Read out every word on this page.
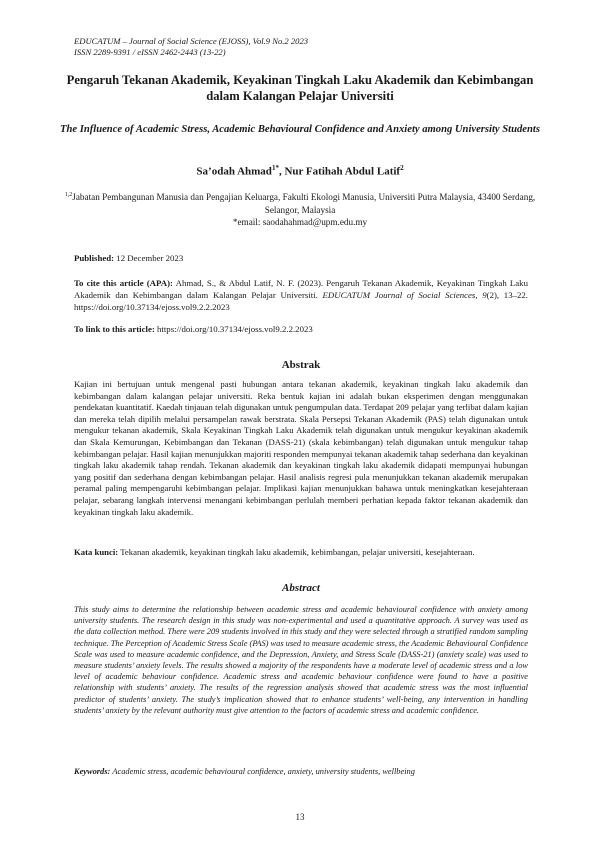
EDUCATUM – Journal of Social Science (EJOSS), Vol.9 No.2 2023
ISSN 2289-9391 / eISSN 2462-2443 (13-22)
Pengaruh Tekanan Akademik, Keyakinan Tingkah Laku Akademik dan Kebimbangan dalam Kalangan Pelajar Universiti
The Influence of Academic Stress, Academic Behavioural Confidence and Anxiety among University Students
Sa’odah Ahmad$^{1*}$, Nur Fatihah Abdul Latif$^2$
$^{1,2}$Jabatan Pembangunan Manusia dan Pengajian Keluarga, Fakulti Ekologi Manusia, Universiti Putra Malaysia, 43400 Serdang, Selangor, Malaysia
*email: saodahahmad@upm.edu.my
Published: 12 December 2023
To cite this article (APA): Ahmad, S., & Abdul Latif, N. F. (2023). Pengaruh Tekanan Akademik, Keyakinan Tingkah Laku Akademik dan Kebimbangan dalam Kalangan Pelajar Universiti. EDUCATUM Journal of Social Sciences, 9(2), 13–22. https://doi.org/10.37134/ejoss.vol9.2.2.2023
To link to this article: https://doi.org/10.37134/ejoss.vol9.2.2.2023
Abstrak
Kajian ini bertujuan untuk mengenal pasti hubungan antara tekanan akademik, keyakinan tingkah laku akademik dan kebimbangan dalam kalangan pelajar universiti. Reka bentuk kajian ini adalah bukan eksperimen dengan menggunakan pendekatan kuantitatif. Kaedah tinjauan telah digunakan untuk pengumpulan data. Terdapat 209 pelajar yang terlibat dalam kajian dan mereka telah dipilih melalui persampelan rawak berstrata. Skala Persepsi Tekanan Akademik (PAS) telah digunakan untuk mengukur tekanan akademik, Skala Keyakinan Tingkah Laku Akademik telah digunakan untuk mengukur keyakinan akademik dan Skala Kemurungan, Kebimbangan dan Tekanan (DASS-21) (skala kebimbangan) telah digunakan untuk mengukur tahap kebimbangan pelajar. Hasil kajian menunjukkan majoriti responden mempunyai tekanan akademik tahap sederhana dan keyakinan tingkah laku akademik tahap rendah. Tekanan akademik dan keyakinan tingkah laku akademik didapati mempunyai hubungan yang positif dan sederhana dengan kebimbangan pelajar. Hasil analisis regresi pula menunjukkan tekanan akademik merupakan peramal paling mempengaruhi kebimbangan pelajar. Implikasi kajian menunjukkan bahawa untuk meningkatkan kesejahteraan pelajar, sebarang langkah intervensi menangani kebimbangan perlulah memberi perhatian kepada faktor tekanan akademik dan keyakinan tingkah laku akademik.
Kata kunci: Tekanan akademik, keyakinan tingkah laku akademik, kebimbangan, pelajar universiti, kesejahteraan.
Abstract
This study aims to determine the relationship between academic stress and academic behavioural confidence with anxiety among university students. The research design in this study was non-experimental and used a quantitative approach. A survey was used as the data collection method. There were 209 students involved in this study and they were selected through a stratified random sampling technique. The Perception of Academic Stress Scale (PAS) was used to measure academic stress, the Academic Behavioural Confidence Scale was used to measure academic confidence, and the Depression, Anxiety, and Stress Scale (DASS-21) (anxiety scale) was used to measure students’ anxiety levels. The results showed a majority of the respondents have a moderate level of academic stress and a low level of academic behaviour confidence. Academic stress and academic behaviour confidence were found to have a positive relationship with students’ anxiety. The results of the regression analysis showed that academic stress was the most influential predictor of students’ anxiety. The study’s implication showed that to enhance students’ well-being, any intervention in handling students’ anxiety by the relevant authority must give attention to the factors of academic stress and academic confidence.
Keywords: Academic stress, academic behavioural confidence, anxiety, university students, wellbeing
13
